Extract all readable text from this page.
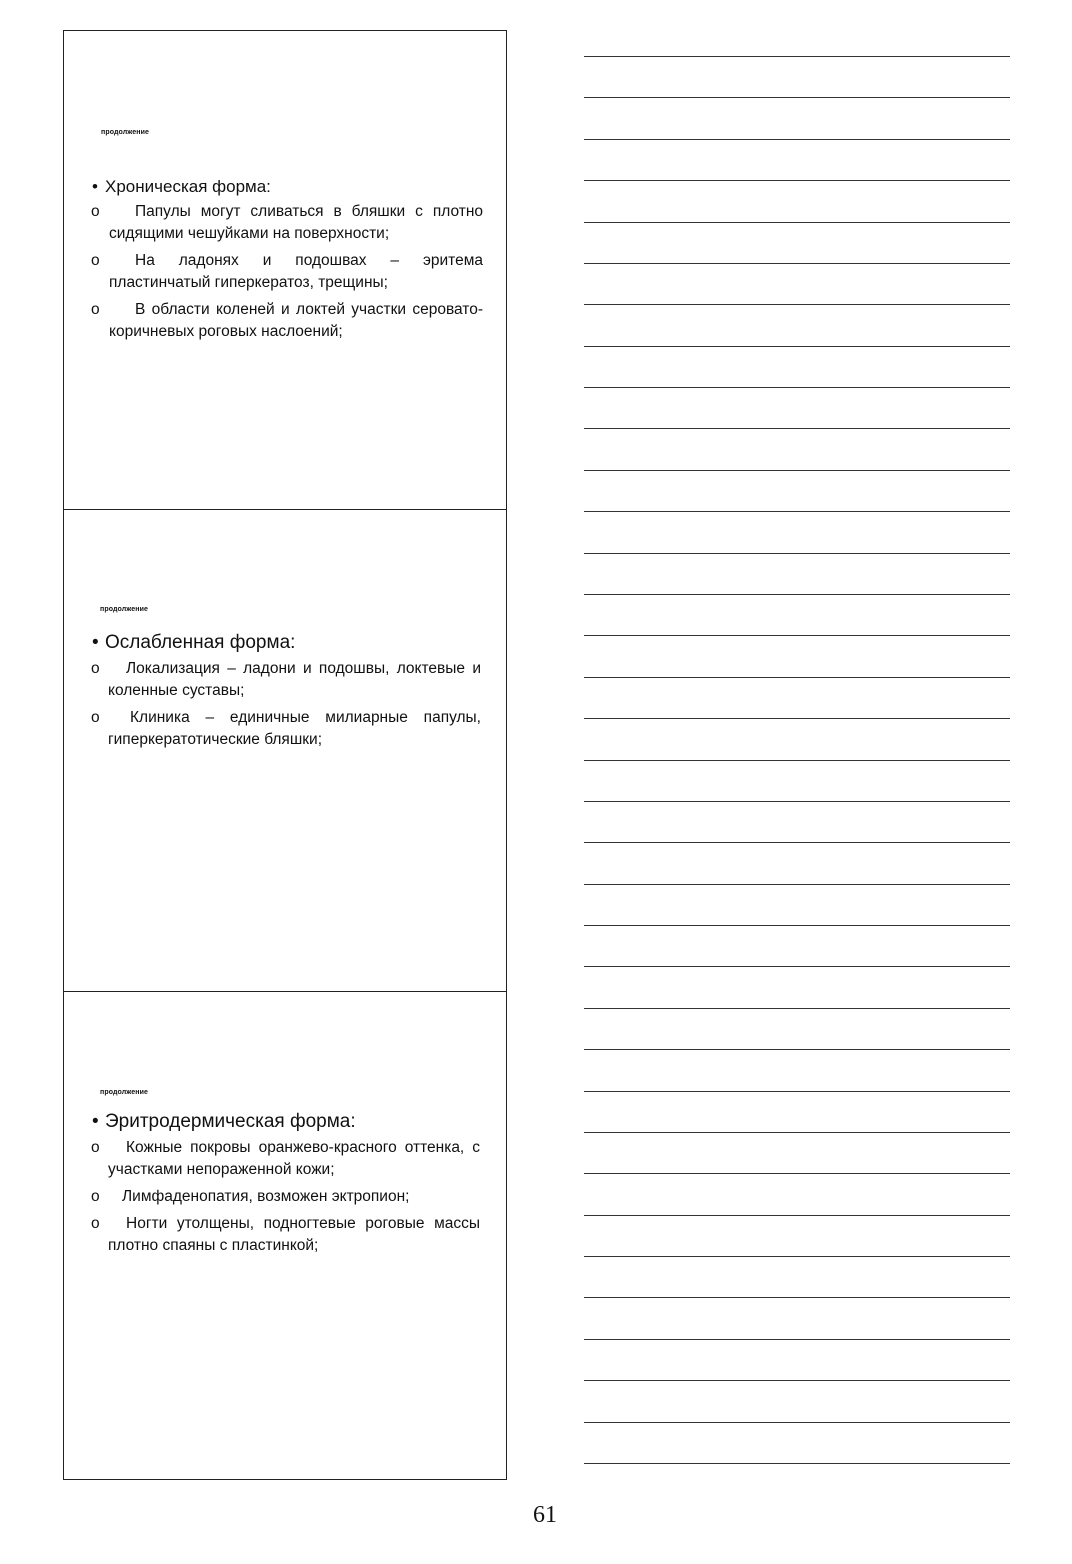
продолжение
• Хроническая форма:
о Папулы могут сливаться в бляшки с плотно сидящими чешуйками на поверхности;
о На ладонях и подошвах – эритема пластинчатый гиперкератоз, трещины;
о В области коленей и локтей участки серовато-коричневых роговых наслоений;
продолжение
• Ослабленная форма:
о Локализация – ладони и подошвы, локтевые и коленные суставы;
о Клиника – единичные милиарные папулы, гиперкератотические бляшки;
продолжение
• Эритродермическая форма:
о Кожные покровы оранжево-красного оттенка, с участками непораженной кожи;
о Лимфаденопатия, возможен эктропион;
о Ногти утолщены, подногтевые роговые массы плотно спаяны с пластинкой;
61
